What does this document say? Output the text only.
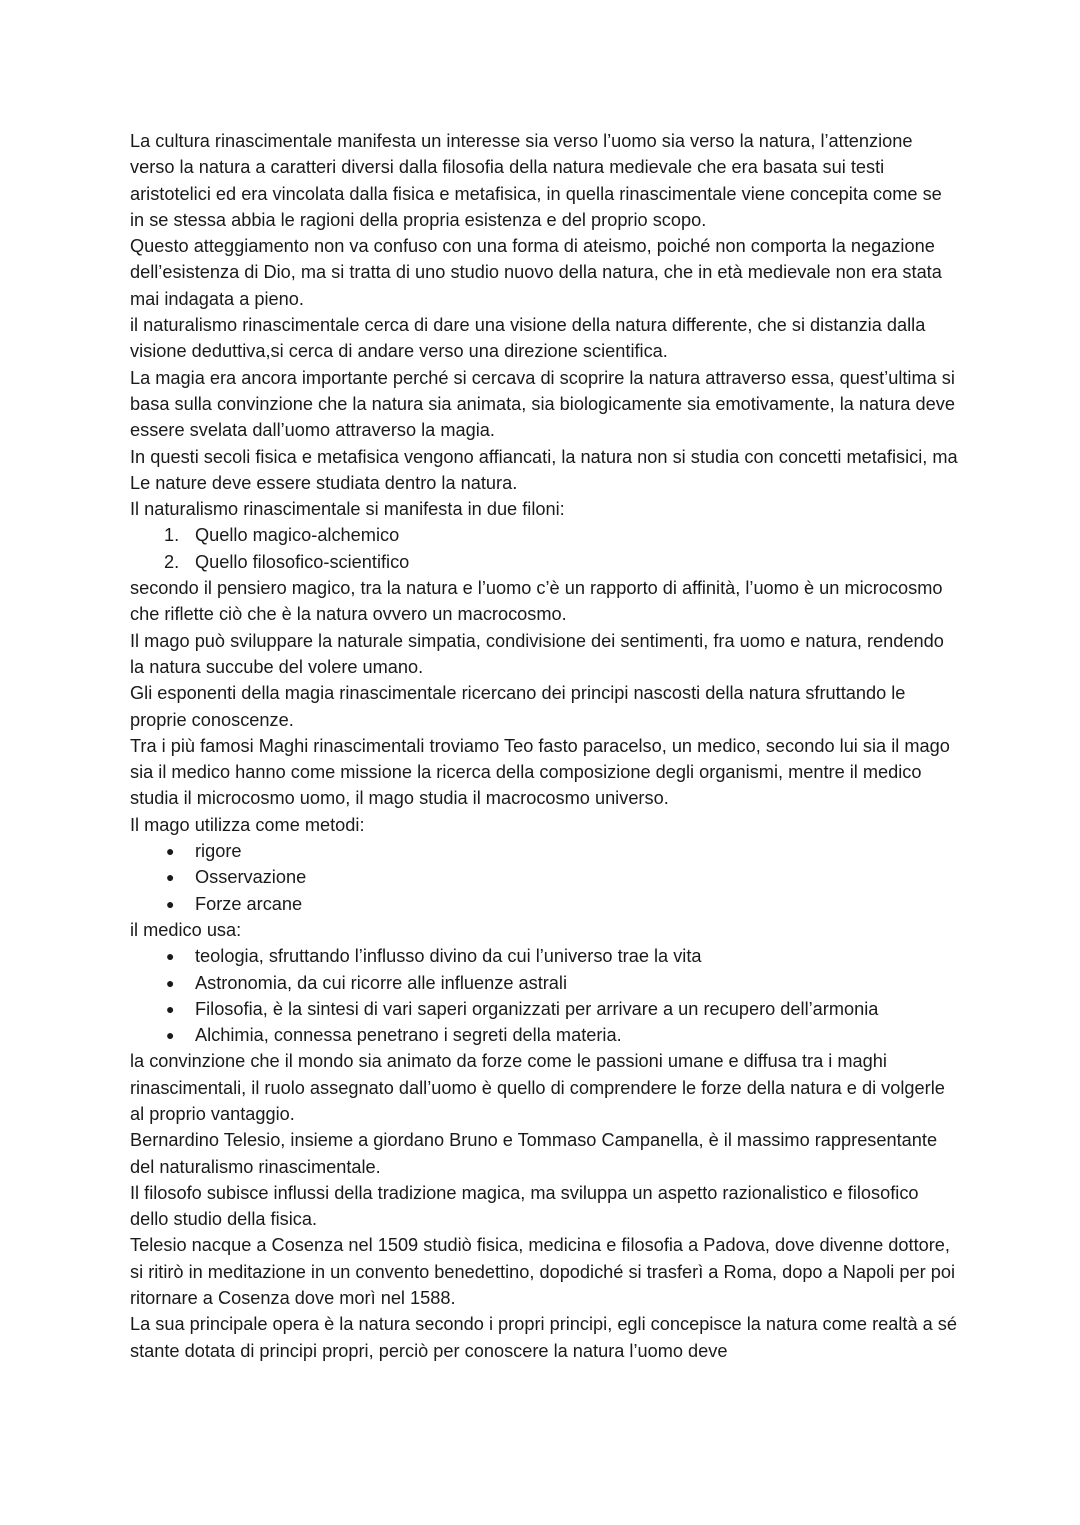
La cultura rinascimentale manifesta un interesse sia verso l’uomo sia verso la natura, l’attenzione verso la natura a caratteri diversi dalla filosofia della natura medievale che era basata sui testi aristotelici ed era vincolata dalla fisica e metafisica, in quella rinascimentale viene concepita come se in se stessa abbia le ragioni della propria esistenza e del proprio scopo.

Questo atteggiamento non va confuso con una forma di ateismo, poiché non comporta la negazione dell’esistenza di Dio, ma si tratta di uno studio nuovo della natura, che in età medievale non era stata mai indagata a pieno.

il naturalismo rinascimentale cerca di dare una visione della natura differente, che si distanzia dalla visione deduttiva,si cerca di andare verso una direzione scientifica.

La magia era ancora importante perché si cercava di scoprire la natura attraverso essa, quest’ultima si basa sulla convinzione che la natura sia animata, sia biologicamente sia emotivamente, la natura deve essere svelata dall’uomo attraverso la magia.

In questi secoli fisica e metafisica vengono affiancati, la natura non si studia con concetti metafisici, ma Le nature deve essere studiata dentro la natura.

Il naturalismo rinascimentale si manifesta in due filoni:

1. Quello magico-alchemico
2. Quello filosofico-scientifico

secondo il pensiero magico, tra la natura e l’uomo c’è un rapporto di affinità, l’uomo è un microcosmo che riflette ciò che è la natura ovvero un macrocosmo.

Il mago può sviluppare la naturale simpatia, condivisione dei sentimenti, fra uomo e natura, rendendo la natura succube del volere umano.

Gli esponenti della magia rinascimentale ricercano dei principi nascosti della natura sfruttando le proprie conoscenze.

Tra i più famosi Maghi rinascimentali troviamo Teo fasto paracelso, un medico, secondo lui sia il mago sia il medico hanno come missione la ricerca della composizione degli organismi, mentre il medico studia il microcosmo uomo, il mago studia il macrocosmo universo.

Il mago utilizza come metodi:

● rigore
● Osservazione
● Forze arcane

il medico usa:

● teologia, sfruttando l’influsso divino da cui l’universo trae la vita
● Astronomia, da cui ricorre alle influenze astrali
● Filosofia, è la sintesi di vari saperi organizzati per arrivare a un recupero dell’armonia
● Alchimia, connessa penetrano i segreti della materia.

la convinzione che il mondo sia animato da forze come le passioni umane e diffusa tra i maghi rinascimentali, il ruolo assegnato dall’uomo è quello di comprendere le forze della natura e di volgerle al proprio vantaggio.

Bernardino Telesio, insieme a giordano Bruno e Tommaso Campanella, è il massimo rappresentante del naturalismo rinascimentale.

Il filosofo subisce influssi della tradizione magica, ma sviluppa un aspetto razionalistico e filosofico dello studio della fisica.

Telesio nacque a Cosenza nel 1509 studiò fisica, medicina e filosofia a Padova, dove divenne dottore, si ritirò in meditazione in un convento benedettino, dopodiché si trasferì a Roma, dopo a Napoli per poi ritornare a Cosenza dove morì nel 1588.

La sua principale opera è la natura secondo i propri principi, egli concepisce la natura come realtà a sé stante dotata di principi propri, perciò per conoscere la natura l’uomo deve
